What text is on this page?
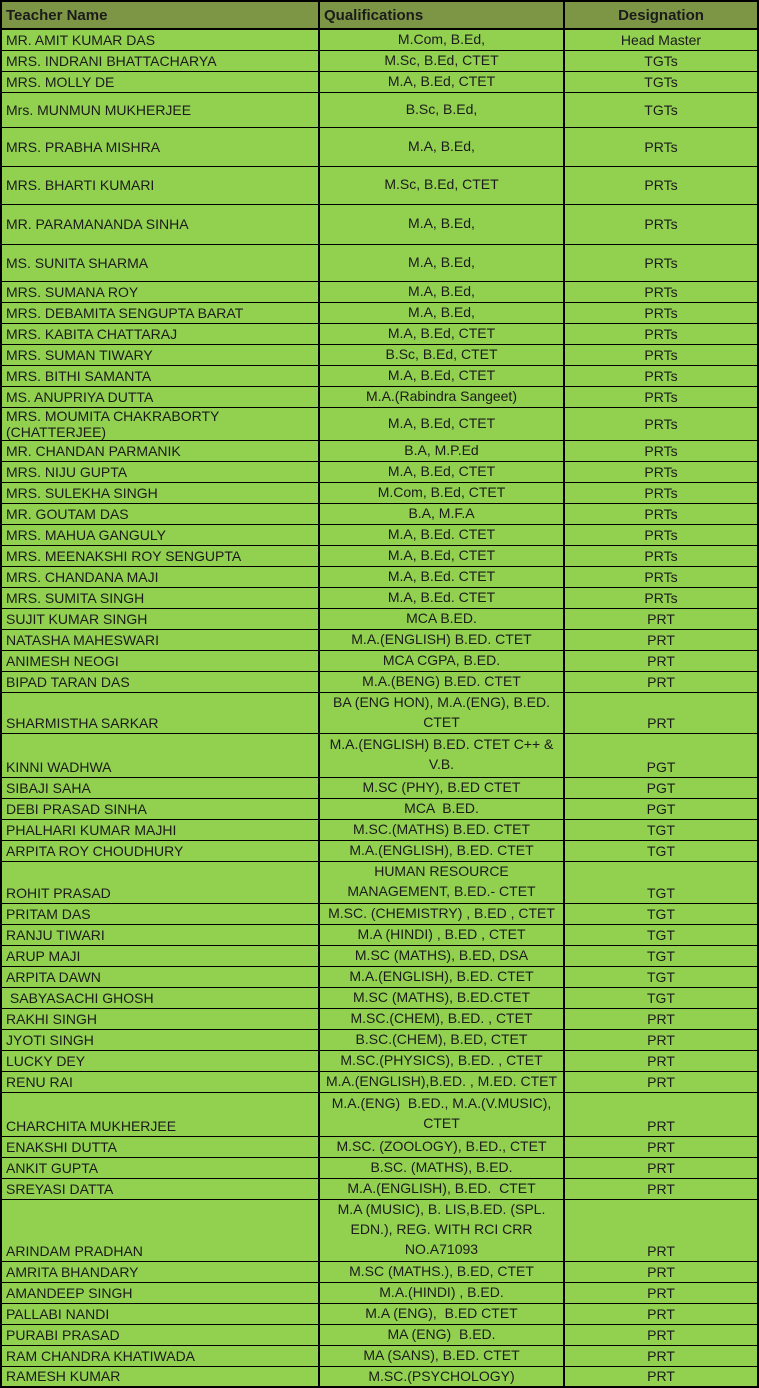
Teacher Name	Qualifications	Designation
MR. AMIT KUMAR DAS	M.Com, B.Ed,	Head Master
MRS. INDRANI BHATTACHARYA	M.Sc, B.Ed, CTET	TGTs
MRS. MOLLY DE	M.A, B.Ed, CTET	TGTs
Mrs. MUNMUN MUKHERJEE	B.Sc, B.Ed,	TGTs
MRS. PRABHA MISHRA	M.A, B.Ed,	PRTs
MRS. BHARTI KUMARI	M.Sc, B.Ed, CTET	PRTs
MR. PARAMANANDA SINHA	M.A, B.Ed,	PRTs
MS. SUNITA SHARMA	M.A, B.Ed,	PRTs
MRS. SUMANA ROY	M.A, B.Ed,	PRTs
MRS. DEBAMITA SENGUPTA BARAT	M.A, B.Ed,	PRTs
MRS. KABITA CHATTARAJ	M.A, B.Ed, CTET	PRTs
MRS. SUMAN TIWARY	B.Sc, B.Ed, CTET	PRTs
MRS. BITHI SAMANTA	M.A, B.Ed, CTET	PRTs
MS. ANUPRIYA DUTTA	M.A.(Rabindra Sangeet)	PRTs
MRS. MOUMITA CHAKRABORTY (CHATTERJEE)	M.A, B.Ed, CTET	PRTs
MR. CHANDAN PARMANIK	B.A, M.P.Ed	PRTs
MRS. NIJU GUPTA	M.A, B.Ed, CTET	PRTs
MRS. SULEKHA SINGH	M.Com, B.Ed, CTET	PRTs
MR. GOUTAM DAS	B.A, M.F.A	PRTs
MRS. MAHUA GANGULY	M.A, B.Ed. CTET	PRTs
MRS. MEENAKSHI ROY SENGUPTA	M.A, B.Ed, CTET	PRTs
MRS. CHANDANA MAJI	M.A, B.Ed. CTET	PRTs
MRS. SUMITA SINGH	M.A, B.Ed. CTET	PRTs
SUJIT KUMAR SINGH	MCA B.ED.	PRT
NATASHA MAHESWARI	M.A.(ENGLISH) B.ED. CTET	PRT
ANIMESH NEOGI	MCA CGPA, B.ED.	PRT
BIPAD TARAN DAS	M.A.(BENG) B.ED. CTET	PRT
SHARMISTHA SARKAR	BA (ENG HON), M.A.(ENG), B.ED. CTET	PRT
KINNI WADHWA	M.A.(ENGLISH) B.ED. CTET C++ & V.B.	PGT
SIBAJI SAHA	M.SC (PHY), B.ED CTET	PGT
DEBI PRASAD SINHA	MCA  B.ED.	PGT
PHALHARI KUMAR MAJHI	M.SC.(MATHS) B.ED. CTET	TGT
ARPITA ROY CHOUDHURY	M.A.(ENGLISH), B.ED. CTET	TGT
ROHIT PRASAD	HUMAN RESOURCE MANAGEMENT, B.ED.- CTET	TGT
PRITAM DAS	M.SC. (CHEMISTRY) , B.ED , CTET	TGT
RANJU TIWARI	M.A (HINDI) , B.ED , CTET	TGT
ARUP MAJI	M.SC (MATHS), B.ED, DSA	TGT
ARPITA DAWN	M.A.(ENGLISH), B.ED. CTET	TGT
SABYASACHI GHOSH	M.SC (MATHS), B.ED.CTET	TGT
RAKHI SINGH	M.SC.(CHEM), B.ED. , CTET	PRT
JYOTI SINGH	B.SC.(CHEM), B.ED, CTET	PRT
LUCKY DEY	M.SC.(PHYSICS), B.ED. , CTET	PRT
RENU RAI	M.A.(ENGLISH),B.ED. , M.ED. CTET	PRT
CHARCHITA MUKHERJEE	M.A.(ENG)  B.ED., M.A.(V.MUSIC), CTET	PRT
ENAKSHI DUTTA	M.SC. (ZOOLOGY), B.ED., CTET	PRT
ANKIT GUPTA	B.SC. (MATHS), B.ED.	PRT
SREYASI DATTA	M.A.(ENGLISH), B.ED.  CTET	PRT
ARINDAM PRADHAN	M.A (MUSIC), B. LIS,B.ED. (SPL. EDN.), REG. WITH RCI CRR NO.A71093	PRT
AMRITA BHANDARY	M.SC (MATHS.), B.ED, CTET	PRT
AMANDEEP SINGH	M.A.(HINDI) , B.ED.	PRT
PALLABI NANDI	M.A (ENG),  B.ED CTET	PRT
PURABI PRASAD	MA (ENG)  B.ED.	PRT
RAM CHANDRA KHATIWADA	MA (SANS), B.ED. CTET	PRT
RAMESH KUMAR	M.SC.(PSYCHOLOGY)	PRT
